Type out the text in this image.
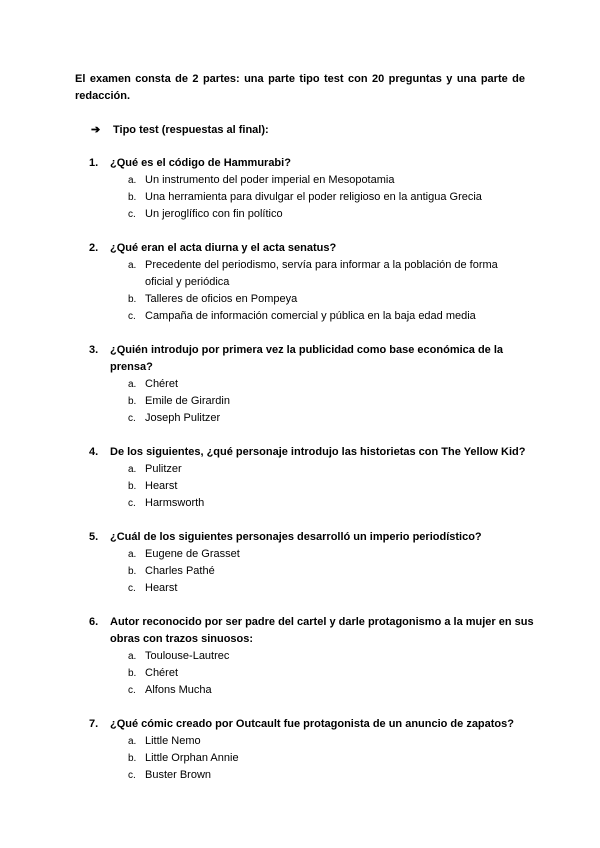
El examen consta de 2 partes: una parte tipo test con 20 preguntas y una parte de redacción.

➔	Tipo test (respuestas al final):
1.	¿Qué es el código de Hammurabi?
a. Un instrumento del poder imperial en Mesopotamia
b. Una herramienta para divulgar el poder religioso en la antigua Grecia
c. Un jeroglífico con fin político
2.	¿Qué eran el acta diurna y el acta senatus?
a. Precedente del periodismo, servía para informar a la población de forma oficial y periódica
b. Talleres de oficios en Pompeya
c. Campaña de información comercial y pública en la baja edad media
3.	¿Quién introdujo por primera vez la publicidad como base económica de la prensa?
a. Chéret
b. Emile de Girardin
c. Joseph Pulitzer
4.	De los siguientes, ¿qué personaje introdujo las historietas con The Yellow Kid?
a. Pulitzer
b. Hearst
c. Harmsworth
5.	¿Cuál de los siguientes personajes desarrolló un imperio periodístico?
a. Eugene de Grasset
b. Charles Pathé
c. Hearst
6.	Autor reconocido por ser padre del cartel y darle protagonismo a la mujer en sus obras con trazos sinuosos:
a. Toulouse-Lautrec
b. Chéret
c. Alfons Mucha
7.	¿Qué cómic creado por Outcault fue protagonista de un anuncio de zapatos?
a. Little Nemo
b. Little Orphan Annie
c. Buster Brown
